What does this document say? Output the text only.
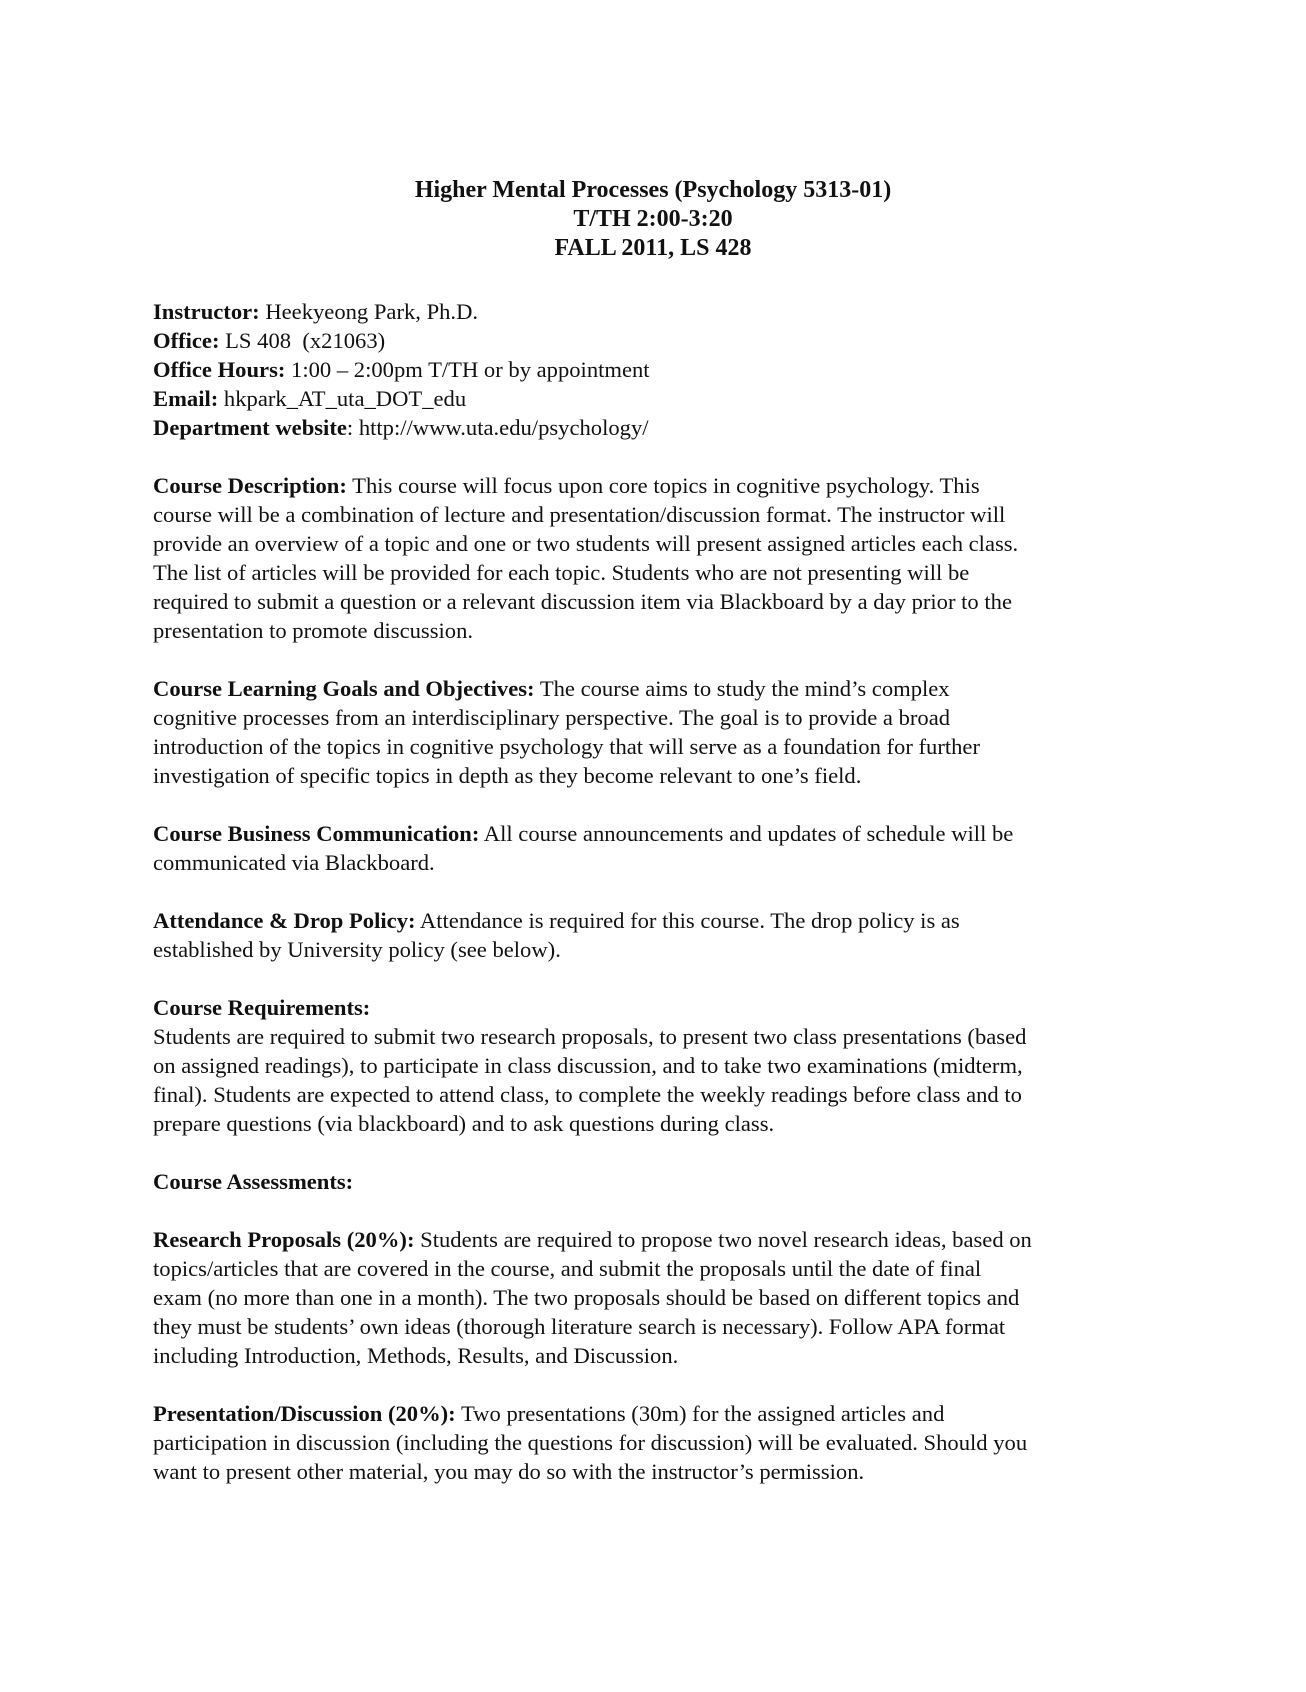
Higher Mental Processes (Psychology 5313-01)
T/TH 2:00-3:20
FALL 2011, LS 428
Instructor: Heekyeong Park, Ph.D.
Office: LS 408  (x21063)
Office Hours: 1:00 – 2:00pm T/TH or by appointment
Email: hkpark_AT_uta_DOT_edu
Department website: http://www.uta.edu/psychology/
Course Description: This course will focus upon core topics in cognitive psychology. This
course will be a combination of lecture and presentation/discussion format. The instructor will
provide an overview of a topic and one or two students will present assigned articles each class.
The list of articles will be provided for each topic. Students who are not presenting will be
required to submit a question or a relevant discussion item via Blackboard by a day prior to the
presentation to promote discussion.
Course Learning Goals and Objectives: The course aims to study the mind’s complex
cognitive processes from an interdisciplinary perspective. The goal is to provide a broad
introduction of the topics in cognitive psychology that will serve as a foundation for further
investigation of specific topics in depth as they become relevant to one’s field.
Course Business Communication: All course announcements and updates of schedule will be
communicated via Blackboard.
Attendance & Drop Policy: Attendance is required for this course. The drop policy is as
established by University policy (see below).
Course Requirements:
Students are required to submit two research proposals, to present two class presentations (based
on assigned readings), to participate in class discussion, and to take two examinations (midterm,
final). Students are expected to attend class, to complete the weekly readings before class and to
prepare questions (via blackboard) and to ask questions during class.
Course Assessments:
Research Proposals (20%): Students are required to propose two novel research ideas, based on
topics/articles that are covered in the course, and submit the proposals until the date of final
exam (no more than one in a month). The two proposals should be based on different topics and
they must be students’ own ideas (thorough literature search is necessary). Follow APA format
including Introduction, Methods, Results, and Discussion.
Presentation/Discussion (20%): Two presentations (30m) for the assigned articles and
participation in discussion (including the questions for discussion) will be evaluated. Should you
want to present other material, you may do so with the instructor’s permission.
